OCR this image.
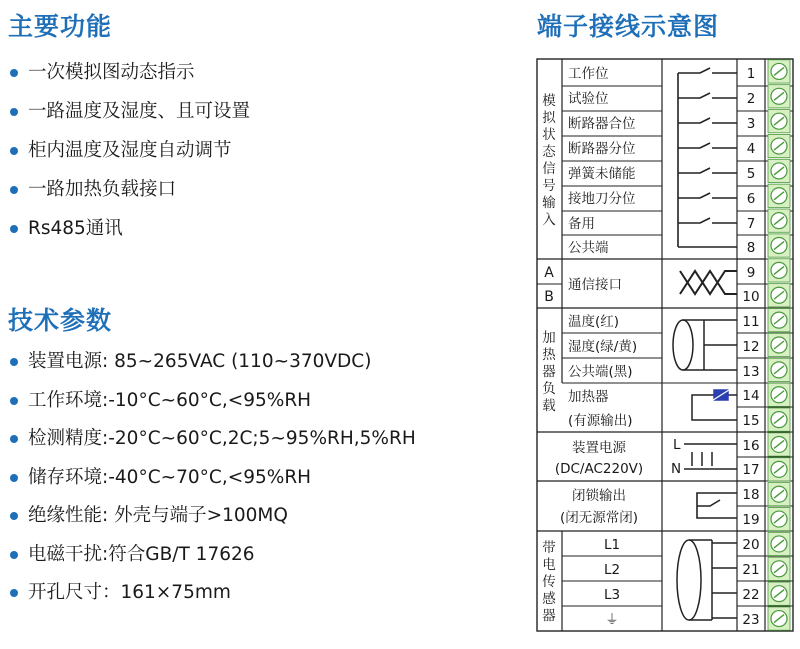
主要功能
一次模拟图动态指示
一路温度及湿度、且可设置
柜内温度及湿度自动调节
一路加热负载接口
Rs485通讯
技术参数
装置电源: 85~265VAC (110~370VDC)
工作环境:-10°C~60°C,<95%RH
检测精度:-20°C~60°C,2C;5~95%RH,5%RH
储存环境:-40°C~70°C,<95%RH
绝缘性能: 外壳与端子>100MQ
电磁干扰:符合GB/T 17626
开孔尺寸：161×75mm
端子接线示意图
模
拟
状
态
信
号
输
入
加
热
器
负
载
带
电
传
感
器
A
B
工作位
试验位
断路器合位
断路器分位
弹簧未储能
接地刀分位
备用
公共端
通信接口
温度(红)
湿度(绿/黄)
公共端(黑)
加热器
(有源输出)
装置电源
(DC/AC220V)
闭锁输出
(闭无源常闭)
L1
L2
L3
⏚
L
N
1
2
3
4
5
6
7
8
9
10
11
12
13
14
15
16
17
18
19
20
21
22
23
